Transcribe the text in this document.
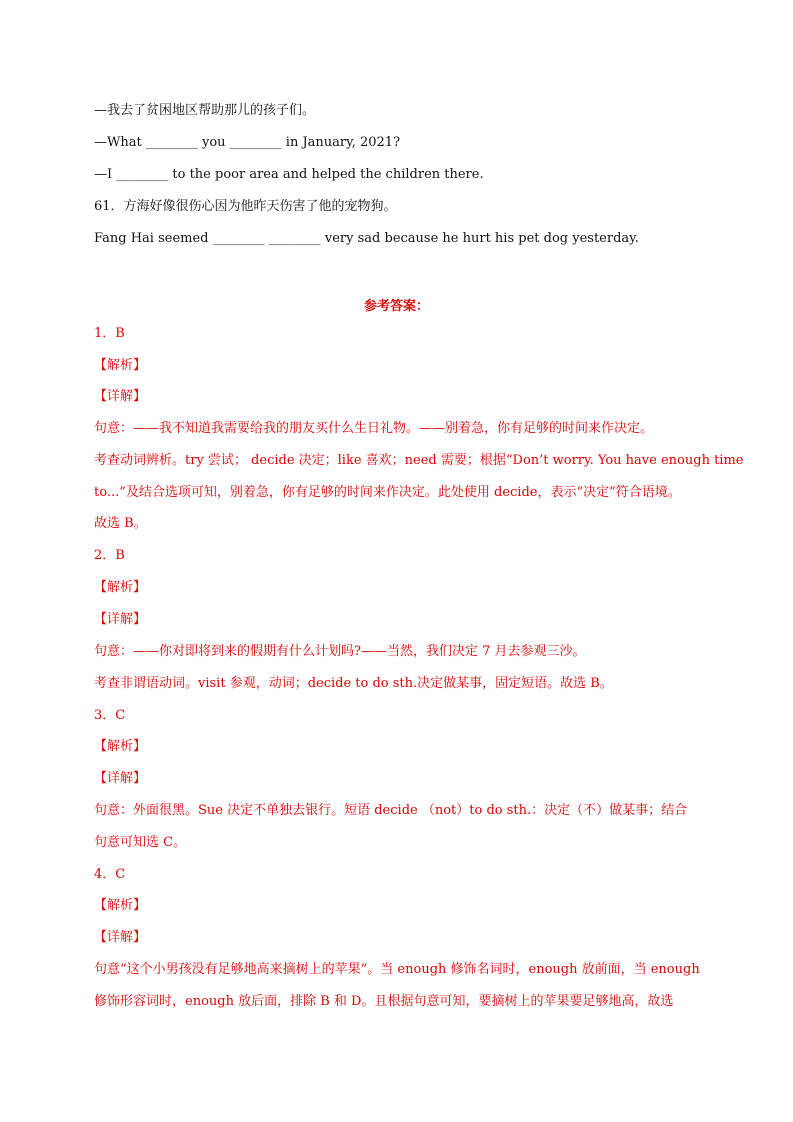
—我去了贫困地区帮助那儿的孩子们。
—What ________ you ________ in January, 2021?
—I ________ to the poor area and helped the children there.
61．方海好像很伤心因为他昨天伤害了他的宠物狗。
Fang Hai seemed ________ ________ very sad because he hurt his pet dog yesterday.
参考答案：
1．B
【解析】
【详解】
句意：——我不知道我需要给我的朋友买什么生日礼物。——别着急，你有足够的时间来作决定。
考查动词辨析。try 尝试； decide 决定；like 喜欢；need 需要；根据“Don’t worry. You have enough time
to...”及结合选项可知，别着急，你有足够的时间来作决定。此处使用 decide，表示“决定”符合语境。
故选 B。
2．B
【解析】
【详解】
句意：——你对即将到来的假期有什么计划吗?——当然，我们决定 7 月去参观三沙。
考查非谓语动词。visit 参观，动词；decide to do sth.决定做某事，固定短语。故选 B。
3．C
【解析】
【详解】
句意：外面很黑。Sue 决定不单独去银行。短语 decide （not）to do sth.：决定（不）做某事；结合
句意可知选 C。
4．C
【解析】
【详解】
句意“这个小男孩没有足够地高来摘树上的苹果”。当 enough 修饰名词时，enough 放前面，当 enough
修饰形容词时，enough 放后面，排除 B 和 D。且根据句意可知，要摘树上的苹果要足够地高，故选
